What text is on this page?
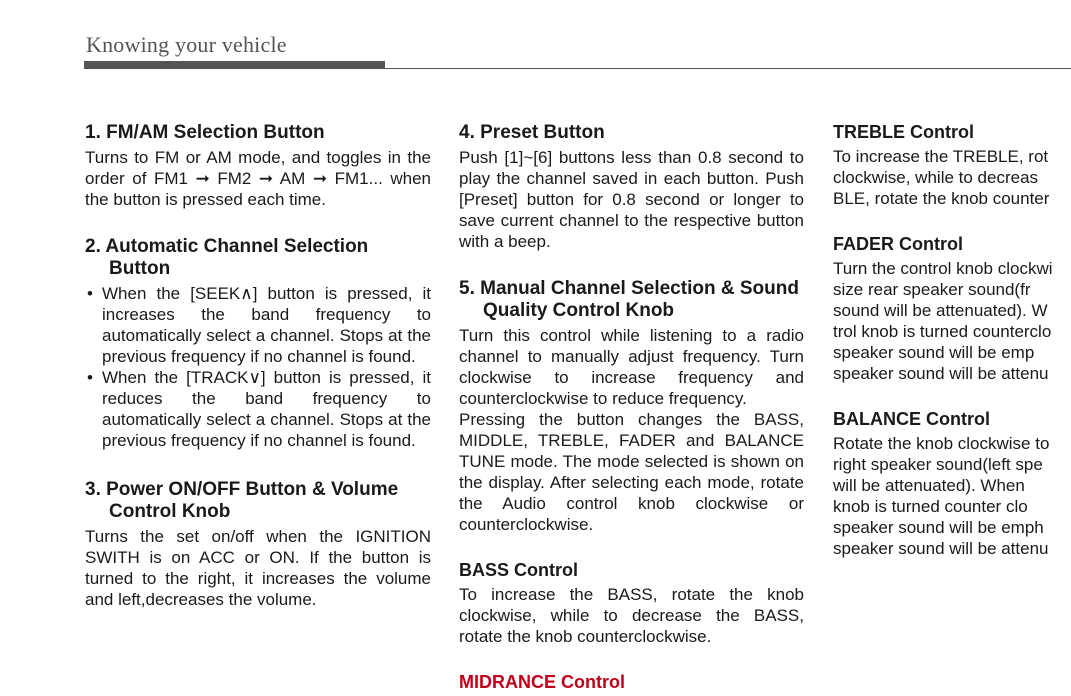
Knowing your vehicle
1. FM/AM Selection Button

Turns to FM or AM mode, and toggles in the order of FM1 ➞ FM2 ➞ AM ➞ FM1... when the button is pressed each time.

2. Automatic Channel Selection Button
• When the [SEEK∧] button is pressed, it increases the band frequency to automatically select a channel. Stops at the previous frequency if no channel is found.
• When the [TRACK∨] button is pressed, it reduces the band frequency to automatically select a channel. Stops at the previous frequency if no channel is found.
3. Power ON/OFF Button & Volume Control Knob

Turns the set on/off when the IGNITION SWITH is on ACC or ON. If the button is turned to the right, it increases the volume and left,decreases the volume.

4. Preset Button

Push [1]~[6] buttons less than 0.8 second to play the channel saved in each button. Push [Preset] button for 0.8 second or longer to save current channel to the respective button with a beep.

5. Manual Channel Selection & Sound Quality Control Knob

Turn this control while listening to a radio channel to manually adjust frequency. Turn clockwise to increase frequency and counterclockwise to reduce frequency.

Pressing the button changes the BASS, MIDDLE, TREBLE, FADER and BALANCE TUNE mode. The mode selected is shown on the display. After selecting each mode, rotate the Audio control knob clockwise or counterclockwise.

BASS Control

To increase the BASS, rotate the knob clockwise, while to decrease the BASS, rotate the knob counterclockwise.

MIDRANCE Control
TREBLE Control

To increase the TREBLE, rot

clockwise, while to decreas

BLE, rotate the knob counter

FADER Control

Turn the control knob clockwi

size rear speaker sound(fr

sound will be attenuated). W

trol knob is turned counterclо

speaker sound will be emp

speaker sound will be attenu

BALANCE Control

Rotate the knob clockwise to

right speaker sound(left spe

will be attenuated). When

knob is turned counter clo

speaker sound will be emph

speaker sound will be attenu
